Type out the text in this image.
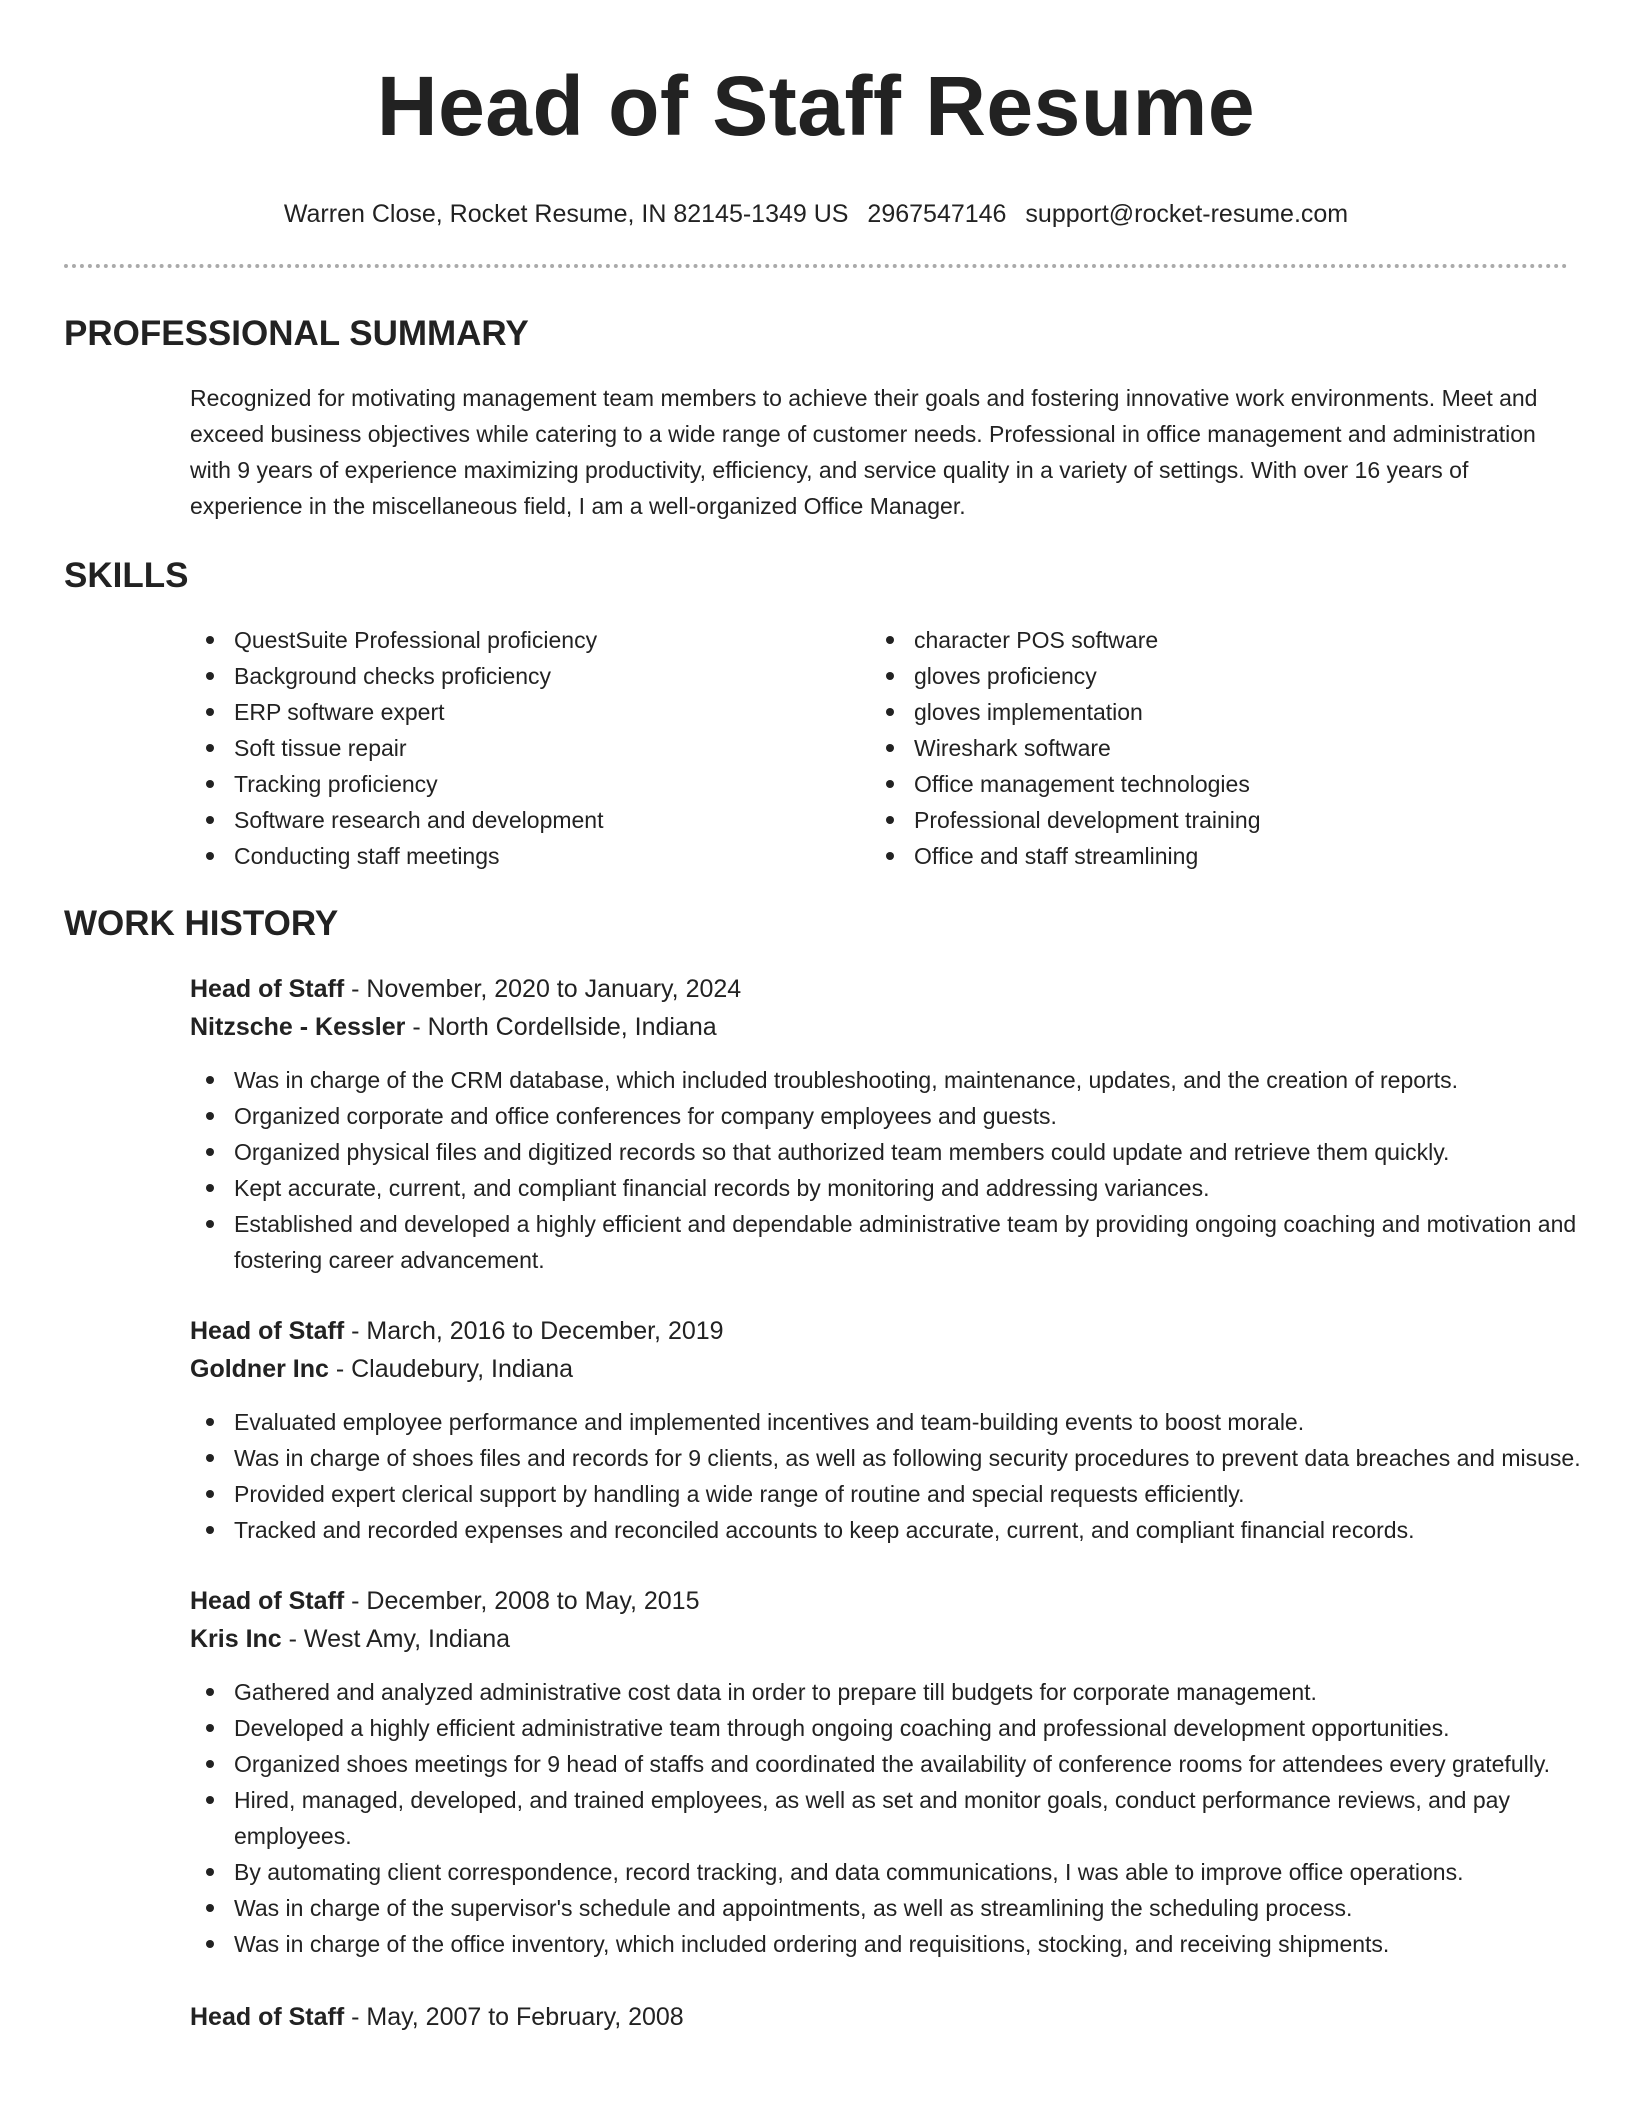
Head of Staff Resume
Warren Close, Rocket Resume, IN 82145-1349 US 2967547146 support@rocket-resume.com
PROFESSIONAL SUMMARY

Recognized for motivating management team members to achieve their goals and fostering innovative work environments. Meet and exceed business objectives while catering to a wide range of customer needs. Professional in office management and administration with 9 years of experience maximizing productivity, efficiency, and service quality in a variety of settings. With over 16 years of experience in the miscellaneous field, I am a well-organized Office Manager.

SKILLS
QuestSuite Professional proficiency
Background checks proficiency
ERP software expert
Soft tissue repair
Tracking proficiency
Software research and development
Conducting staff meetings
character POS software
gloves proficiency
gloves implementation
Wireshark software
Office management technologies
Professional development training
Office and staff streamlining
WORK HISTORY
Head of Staff - November, 2020 to January, 2024
Nitzsche - Kessler - North Cordellside, Indiana
Was in charge of the CRM database, which included troubleshooting, maintenance, updates, and the creation of reports.
Organized corporate and office conferences for company employees and guests.
Organized physical files and digitized records so that authorized team members could update and retrieve them quickly.
Kept accurate, current, and compliant financial records by monitoring and addressing variances.
Established and developed a highly efficient and dependable administrative team by providing ongoing coaching and motivation and fostering career advancement.
Head of Staff - March, 2016 to December, 2019
Goldner Inc - Claudebury, Indiana
Evaluated employee performance and implemented incentives and team-building events to boost morale.
Was in charge of shoes files and records for 9 clients, as well as following security procedures to prevent data breaches and misuse.
Provided expert clerical support by handling a wide range of routine and special requests efficiently.
Tracked and recorded expenses and reconciled accounts to keep accurate, current, and compliant financial records.
Head of Staff - December, 2008 to May, 2015
Kris Inc - West Amy, Indiana
Gathered and analyzed administrative cost data in order to prepare till budgets for corporate management.
Developed a highly efficient administrative team through ongoing coaching and professional development opportunities.
Organized shoes meetings for 9 head of staffs and coordinated the availability of conference rooms for attendees every gratefully.
Hired, managed, developed, and trained employees, as well as set and monitor goals, conduct performance reviews, and pay employees.
By automating client correspondence, record tracking, and data communications, I was able to improve office operations.
Was in charge of the supervisor's schedule and appointments, as well as streamlining the scheduling process.
Was in charge of the office inventory, which included ordering and requisitions, stocking, and receiving shipments.
Head of Staff - May, 2007 to February, 2008
